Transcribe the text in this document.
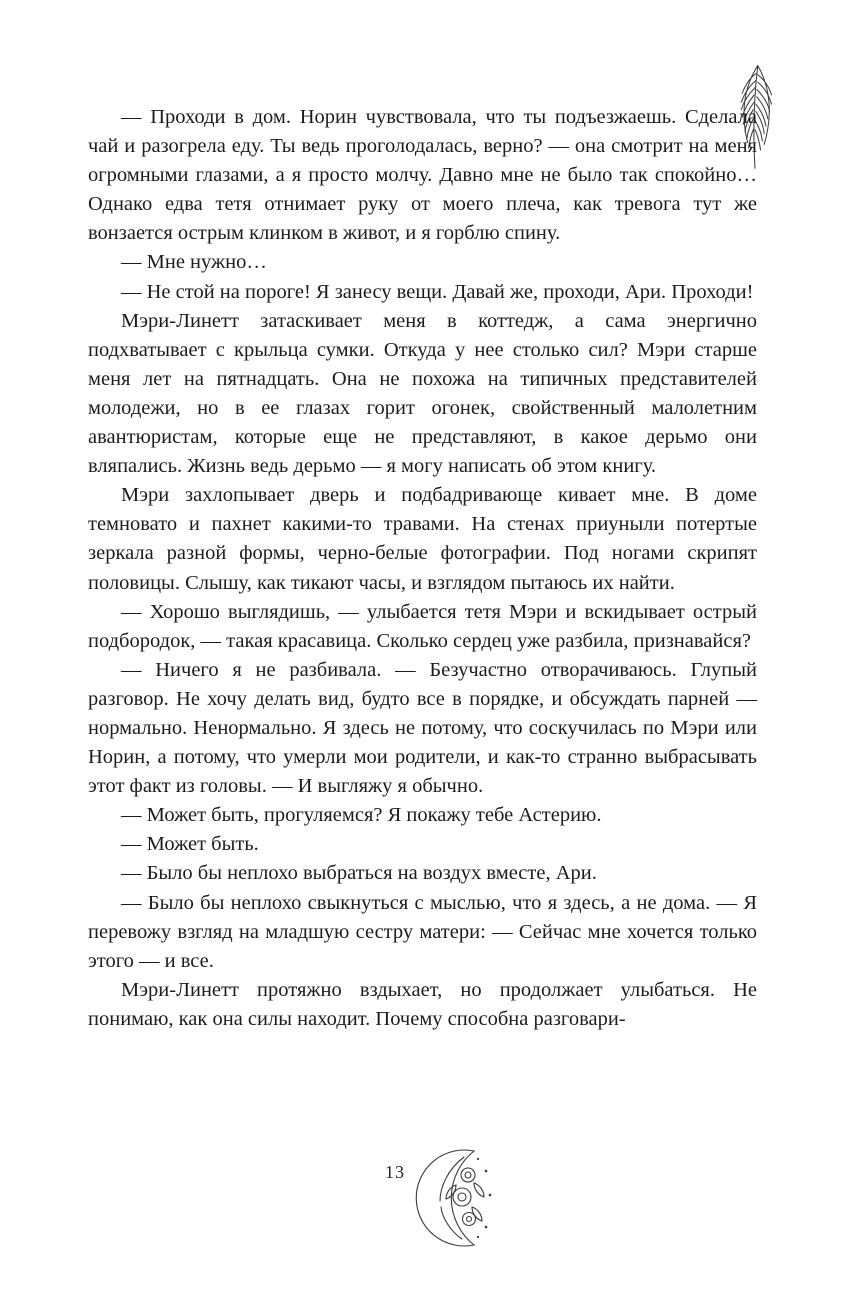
— Проходи в дом. Норин чувствовала, что ты подъезжаешь. Сделала чай и разогрела еду. Ты ведь проголодалась, верно? — она смотрит на меня огромными глазами, а я просто молчу. Давно мне не было так спокойно… Однако едва тетя отнимает руку от моего плеча, как тревога тут же вонзается острым клинком в живот, и я горблю спину.

— Мне нужно…

— Не стой на пороге! Я занесу вещи. Давай же, проходи, Ари. Проходи!

Мэри-Линетт затаскивает меня в коттедж, а сама энергично подхватывает с крыльца сумки. Откуда у нее столько сил? Мэри старше меня лет на пятнадцать. Она не похожа на типичных представителей молодежи, но в ее глазах горит огонек, свойственный малолетним авантюристам, которые еще не представляют, в какое дерьмо они вляпались. Жизнь ведь дерьмо — я могу написать об этом книгу.

Мэри захлопывает дверь и подбадривающе кивает мне. В доме темновато и пахнет какими-то травами. На стенах приуныли потертые зеркала разной формы, черно-белые фотографии. Под ногами скрипят половицы. Слышу, как тикают часы, и взглядом пытаюсь их найти.

— Хорошо выглядишь, — улыбается тетя Мэри и вскидывает острый подбородок, — такая красавица. Сколько сердец уже разбила, признавайся?

— Ничего я не разбивала. — Безучастно отворачиваюсь. Глупый разговор. Не хочу делать вид, будто все в порядке, и обсуждать парней — нормально. Ненормально. Я здесь не потому, что соскучилась по Мэри или Норин, а потому, что умерли мои родители, и как-то странно выбрасывать этот факт из головы. — И выгляжу я обычно.

— Может быть, прогуляемся? Я покажу тебе Астерию.

— Может быть.

— Было бы неплохо выбраться на воздух вместе, Ари.

— Было бы неплохо свыкнуться с мыслью, что я здесь, а не дома. — Я перевожу взгляд на младшую сестру матери: — Сейчас мне хочется только этого — и все.

Мэри-Линетт протяжно вздыхает, но продолжает улыбаться. Не понимаю, как она силы находит. Почему способна разговари-

13
